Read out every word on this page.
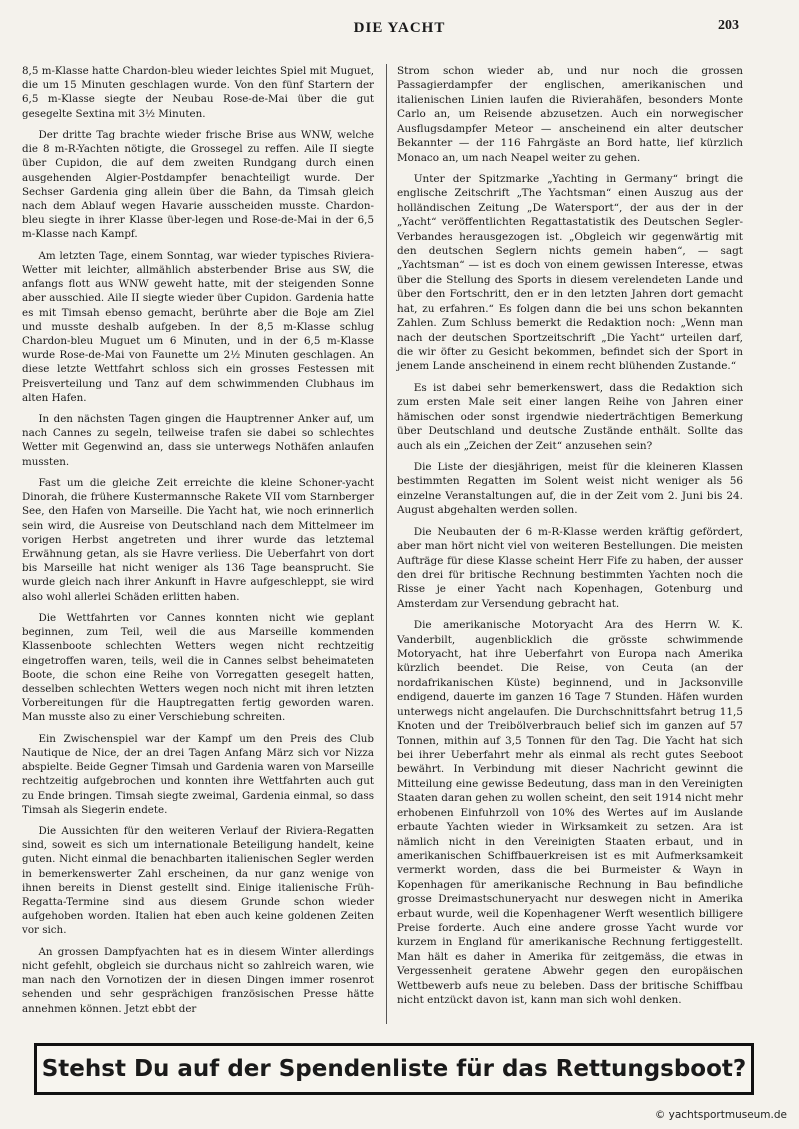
DIE YACHT	203

8,5 m-Klasse hatte Chardon-bleu wieder leichtes Spiel mit Muguet, die um 15 Minuten geschlagen wurde. Von den fünf Startern der 6,5 m-Klasse siegte der Neubau Rose-de-Mai über die gut gesegelte Sextina mit 3½ Minuten.

Der dritte Tag brachte wieder frische Brise aus WNW, welche die 8 m-R-Yachten nötigte, die Grossegel zu reffen. Aile II siegte über Cupidon, die auf dem zweiten Rundgang durch einen ausgehenden Algier-Postdampfer benachteiligt wurde. Der Sechser Gardenia ging allein über die Bahn, da Timsah gleich nach dem Ablauf wegen Havarie ausscheiden musste. Chardon-bleu siegte in ihrer Klasse über-legen und Rose-de-Mai in der 6,5 m-Klasse nach Kampf.

Am letzten Tage, einem Sonntag, war wieder typisches Riviera-Wetter mit leichter, allmählich absterbender Brise aus SW, die anfangs flott aus WNW geweht hatte, mit der steigenden Sonne aber ausschied. Aile II siegte wieder über Cupidon. Gardenia hatte es mit Timsah ebenso gemacht, berührte aber die Boje am Ziel und musste deshalb aufgeben. In der 8,5 m-Klasse schlug Chardon-bleu Muguet um 6 Minuten, und in der 6,5 m-Klasse wurde Rose-de-Mai von Faunette um 2½ Minuten geschlagen. An diese letzte Wettfahrt schloss sich ein grosses Festessen mit Preisverteilung und Tanz auf dem schwimmenden Clubhaus im alten Hafen.

In den nächsten Tagen gingen die Hauptrenner Anker auf, um nach Cannes zu segeln, teilweise trafen sie dabei so schlechtes Wetter mit Gegenwind an, dass sie unterwegs Nothäfen anlaufen mussten.

Fast um die gleiche Zeit erreichte die kleine Schoner-yacht Dinorah, die frühere Kustermannsche Rakete VII vom Starnberger See, den Hafen von Marseille. Die Yacht hat, wie noch erinnerlich sein wird, die Ausreise von Deutschland nach dem Mittelmeer im vorigen Herbst angetreten und ihrer wurde das letztemal Erwähnung getan, als sie Havre verliess. Die Ueberfahrt von dort bis Marseille hat nicht weniger als 136 Tage beansprucht. Sie wurde gleich nach ihrer Ankunft in Havre aufgeschleppt, sie wird also wohl allerlei Schäden erlitten haben.

Die Wettfahrten vor Cannes konnten nicht wie geplant beginnen, zum Teil, weil die aus Marseille kommenden Klassenboote schlechten Wetters wegen nicht rechtzeitig eingetroffen waren, teils, weil die in Cannes selbst beheimateten Boote, die schon eine Reihe von Vorregatten gesegelt hatten, desselben schlechten Wetters wegen noch nicht mit ihren letzten Vorbereitungen für die Hauptregatten fertig geworden waren. Man musste also zu einer Verschiebung schreiten.

Ein Zwischenspiel war der Kampf um den Preis des Club Nautique de Nice, der an drei Tagen Anfang März sich vor Nizza abspielte. Beide Gegner Timsah und Gardenia waren von Marseille rechtzeitig aufgebrochen und konnten ihre Wettfahrten auch gut zu Ende bringen. Timsah siegte zweimal, Gardenia einmal, so dass Timsah als Siegerin endete.

Die Aussichten für den weiteren Verlauf der Riviera-Regatten sind, soweit es sich um internationale Beteiligung handelt, keine guten. Nicht einmal die benachbarten italienischen Segler werden in bemerkenswerter Zahl erscheinen, da nur ganz wenige von ihnen bereits in Dienst gestellt sind. Einige italienische Früh-Regatta-Termine sind aus diesem Grunde schon wieder aufgehoben worden. Italien hat eben auch keine goldenen Zeiten vor sich.

An grossen Dampfyachten hat es in diesem Winter allerdings nicht gefehlt, obgleich sie durchaus nicht so zahlreich waren, wie man nach den Vornotizen der in diesen Dingen immer rosenrot sehenden und sehr gesprächigen französischen Presse hätte annehmen können. Jetzt ebbt der

Strom schon wieder ab, und nur noch die grossen Passagierdampfer der englischen, amerikanischen und italienischen Linien laufen die Rivierahäfen, besonders Monte Carlo an, um Reisende abzusetzen. Auch ein norwegischer Ausflugsdampfer Meteor — anscheinend ein alter deutscher Bekannter — der 116 Fahrgäste an Bord hatte, lief kürzlich Monaco an, um nach Neapel weiter zu gehen.

Unter der Spitzmarke „Yachting in Germany“ bringt die englische Zeitschrift „The Yachtsman“ einen Auszug aus der holländischen Zeitung „De Watersport“, der aus der in der „Yacht“ veröffentlichten Regattastatistik des Deutschen Segler-Verbandes herausgezogen ist. „Obgleich wir gegenwärtig mit den deutschen Seglern nichts gemein haben“, — sagt „Yachtsman“ — ist es doch von einem gewissen Interesse, etwas über die Stellung des Sports in diesem verelendeten Lande und über den Fortschritt, den er in den letzten Jahren dort gemacht hat, zu erfahren.“ Es folgen dann die bei uns schon bekannten Zahlen. Zum Schluss bemerkt die Redaktion noch: „Wenn man nach der deutschen Sportzeitschrift „Die Yacht“ urteilen darf, die wir öfter zu Gesicht bekommen, befindet sich der Sport in jenem Lande anscheinend in einem recht blühenden Zustande.“

Es ist dabei sehr bemerkenswert, dass die Redaktion sich zum ersten Male seit einer langen Reihe von Jahren einer hämischen oder sonst irgendwie niederträchtigen Bemerkung über Deutschland und deutsche Zustände enthält. Sollte das auch als ein „Zeichen der Zeit“ anzusehen sein?

Die Liste der diesjährigen, meist für die kleineren Klassen bestimmten Regatten im Solent weist nicht weniger als 56 einzelne Veranstaltungen auf, die in der Zeit vom 2. Juni bis 24. August abgehalten werden sollen.

Die Neubauten der 6 m-R-Klasse werden kräftig gefördert, aber man hört nicht viel von weiteren Bestellungen. Die meisten Aufträge für diese Klasse scheint Herr Fife zu haben, der ausser den drei für britische Rechnung bestimmten Yachten noch die Risse je einer Yacht nach Kopenhagen, Gotenburg und Amsterdam zur Versendung gebracht hat.

Die amerikanische Motoryacht Ara des Herrn W. K. Vanderbilt, augenblicklich die grösste schwimmende Motoryacht, hat ihre Ueberfahrt von Europa nach Amerika kürzlich beendet. Die Reise, von Ceuta (an der nordafrikanischen Küste) beginnend, und in Jacksonville endigend, dauerte im ganzen 16 Tage 7 Stunden. Häfen wurden unterwegs nicht angelaufen. Die Durchschnittsfahrt betrug 11,5 Knoten und der Treibölverbrauch belief sich im ganzen auf 57 Tonnen, mithin auf 3,5 Tonnen für den Tag. Die Yacht hat sich bei ihrer Ueberfahrt mehr als einmal als recht gutes Seeboot bewährt. In Verbindung mit dieser Nachricht gewinnt die Mitteilung eine gewisse Bedeutung, dass man in den Vereinigten Staaten daran gehen zu wollen scheint, den seit 1914 nicht mehr erhobenen Einfuhrzoll von 10% des Wertes auf im Auslande erbaute Yachten wieder in Wirksamkeit zu setzen. Ara ist nämlich nicht in den Vereinigten Staaten erbaut, und in amerikanischen Schiffbauerkreisen ist es mit Aufmerksamkeit vermerkt worden, dass die bei Burmeister & Wayn in Kopenhagen für amerikanische Rechnung in Bau befindliche grosse Dreimastschuneryacht nur deswegen nicht in Amerika erbaut wurde, weil die Kopenhagener Werft wesentlich billigere Preise forderte. Auch eine andere grosse Yacht wurde vor kurzem in England für amerikanische Rechnung fertiggestellt. Man hält es daher in Amerika für zeitgemäss, die etwas in Vergessenheit geratene Abwehr gegen den europäischen Wettbewerb aufs neue zu beleben. Dass der britische Schiffbau nicht entzückt davon ist, kann man sich wohl denken.

Stehst Du auf der Spendenliste für das Rettungsboot?
© yachtsportmuseum.de
